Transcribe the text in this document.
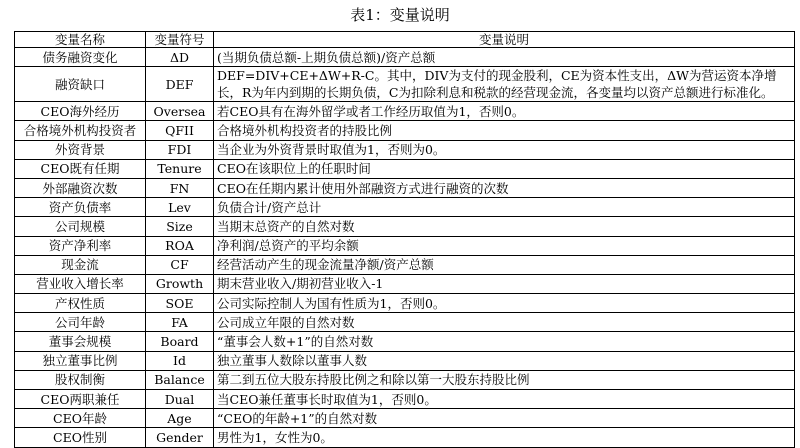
表1：变量说明
变量名称	变量符号	变量说明
债务融资变化	ΔD	(当期负债总额-上期负债总额)/资产总额
融资缺口	DEF	DEF=DIV+CE+ΔW+R-C。其中，DIV为支付的现金股利，CE为资本性支出，ΔW为营运资本净增长，R为年内到期的长期负债，C为扣除利息和税款的经营现金流，各变量均以资产总额进行标准化。
CEO海外经历	Oversea	若CEO具有在海外留学或者工作经历取值为1，否则0。
合格境外机构投资者	QFII	合格境外机构投资者的持股比例
外资背景	FDI	当企业为外资背景时取值为1，否则为0。
CEO既有任期	Tenure	CEO在该职位上的任职时间
外部融资次数	FN	CEO在任期内累计使用外部融资方式进行融资的次数
资产负债率	Lev	负债合计/资产总计
公司规模	Size	当期末总资产的自然对数
资产净利率	ROA	净利润/总资产的平均余额
现金流	CF	经营活动产生的现金流量净额/资产总额
营业收入增长率	Growth	期末营业收入/期初营业收入-1
产权性质	SOE	公司实际控制人为国有性质为1，否则0。
公司年龄	FA	公司成立年限的自然对数
董事会规模	Board	“董事会人数+1”的自然对数
独立董事比例	Id	独立董事人数除以董事人数
股权制衡	Balance	第二到五位大股东持股比例之和除以第一大股东持股比例
CEO两职兼任	Dual	当CEO兼任董事长时取值为1，否则0。
CEO年龄	Age	“CEO的年龄+1”的自然对数
CEO性别	Gender	男性为1，女性为0。
